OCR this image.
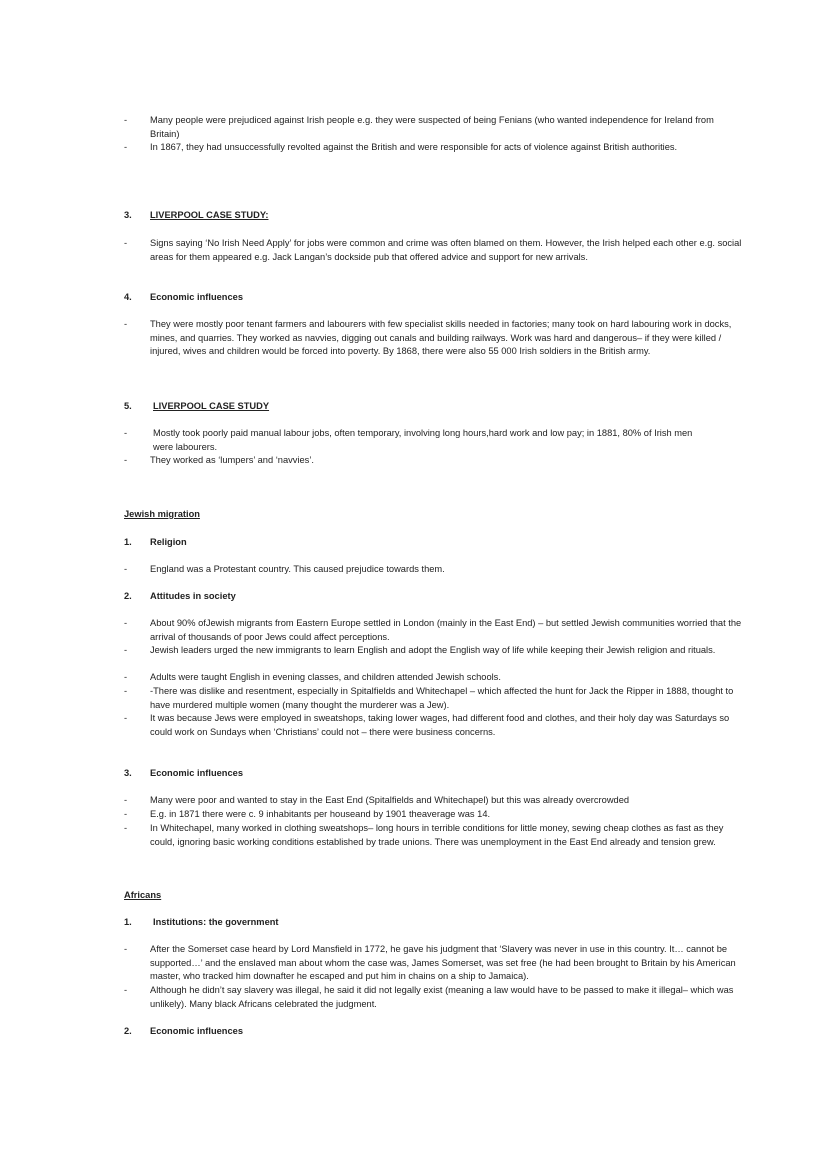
- Many people were prejudiced against Irish people e.g. they were suspected of being Fenians (who wanted independence for Ireland from Britain)
- In 1867, they had unsuccessfully revolted against the British and were responsible for acts of violence against British authorities.
3. LIVERPOOL CASE STUDY:
- Signs saying ‘No Irish Need Apply’ for jobs were common and crime was often blamed on them. However, the Irish helped each other e.g. social areas for them appeared e.g. Jack Langan’s dockside pub that offered advice and support for new arrivals.
4. Economic influences
- They were mostly poor tenant farmers and labourers with few specialist skills needed in factories; many took on hard labouring work in docks, mines, and quarries. They worked as navvies, digging out canals and building railways. Work was hard and dangerous– if they were killed / injured, wives and children would be forced into poverty. By 1868, there were also 55 000 Irish soldiers in the British army.
5. LIVERPOOL CASE STUDY
-	Mostly took poorly paid manual labour jobs, often temporary, involving long hours,hard work and low pay; in 1881, 80% of Irish men were labourers.
- They worked as ‘lumpers’ and ‘navvies’.
Jewish migration
1. Religion
- England was a Protestant country. This caused prejudice towards them.
2. Attitudes in society
- About 90% ofJewish migrants from Eastern Europe settled in London (mainly in the East End) – but settled Jewish communities worried that the arrival of thousands of poor Jews could affect perceptions.
- Jewish leaders urged the new immigrants to learn English and adopt the English way of life while keeping their Jewish religion and rituals.
- Adults were taught English in evening classes, and children attended Jewish schools.
- -There was dislike and resentment, especially in Spitalfields and Whitechapel – which affected the hunt for Jack the Ripper in 1888, thought to have murdered multiple women (many thought the murderer was a Jew).
- It was because Jews were employed in sweatshops, taking lower wages, had different food and clothes, and their holy day was Saturdays so could work on Sundays when ‘Christians’ could not – there were business concerns.
3. Economic influences
- Many were poor and wanted to stay in the East End (Spitalfields and Whitechapel) but this was already overcrowded
- E.g. in 1871 there were c. 9 inhabitants per houseand by 1901 theaverage was 14.
- In Whitechapel, many worked in clothing sweatshops– long hours in terrible conditions for little money, sewing cheap clothes as fast as they could, ignoring basic working conditions established by trade unions. There was unemployment in the East End already and tension grew.
Africans
1. Institutions: the government
- After the Somerset case heard by Lord Mansfield in 1772, he gave his judgment that ‘Slavery was never in use in this country. It… cannot be supported…’ and the enslaved man about whom the case was, James Somerset, was set free (he had been brought to Britain by his American master, who tracked him downafter he escaped and put him in chains on a ship to Jamaica).
- Although he didn’t say slavery was illegal, he said it did not legally exist (meaning a law would have to be passed to make it illegal– which was unlikely). Many black Africans celebrated the judgment.
2. Economic influences
